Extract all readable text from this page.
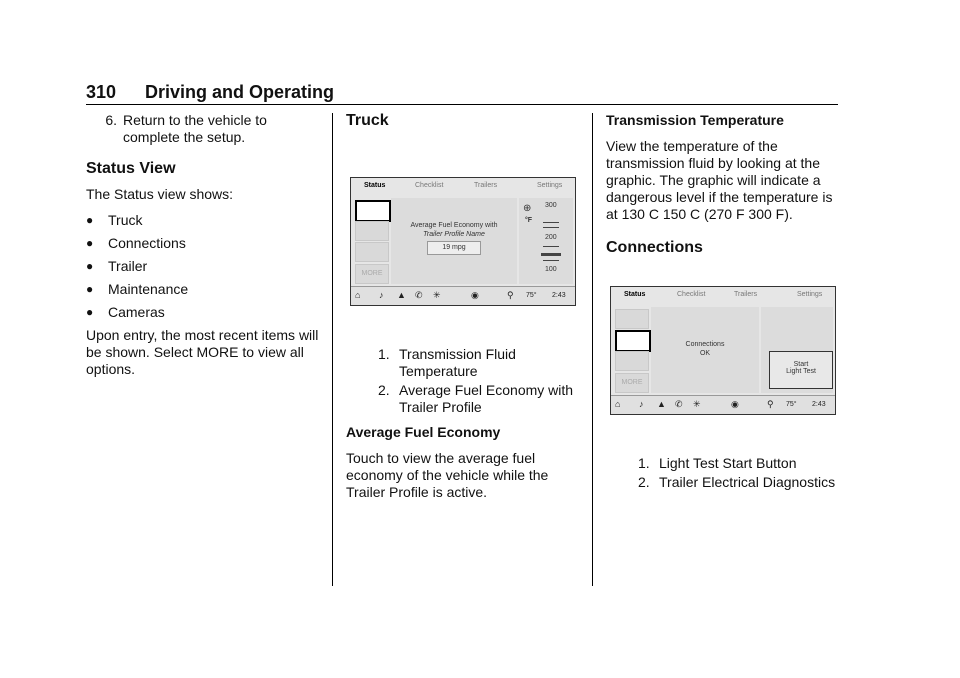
310 Driving and Operating
6. Return to the vehicle to complete the setup.
Status View

The Status view shows:

●	Truck
●	Connections
●	Trailer
●	Maintenance
●	Cameras

Upon entry, the most recent items will be shown. Select MORE to view all options.

Truck
Status	Checklist	Trailers	Settings
MORE
Average Fuel Economy with
Trailer Profile Name
19 mpg
⊕
°F
300
200
100
⌂ ♪ ▲ ✆ ✳	◉	⚲ 75° 2:43
1. Transmission Fluid Temperature
2. Average Fuel Economy with Trailer Profile
Average Fuel Economy

Touch to view the average fuel economy of the vehicle while the Trailer Profile is active.

Transmission Temperature

View the temperature of the transmission fluid by looking at the graphic. The graphic will indicate a dangerous level if the temperature is at 130 C 150 C (270 F 300 F).

Connections
Status	Checklist	Trailers	Settings
MORE
Connections
OK
Start
Light Test
⌂ ♪ ▲ ✆ ✳	◉	⚲ 75° 2:43
1. Light Test Start Button
2. Trailer Electrical Diagnostics
